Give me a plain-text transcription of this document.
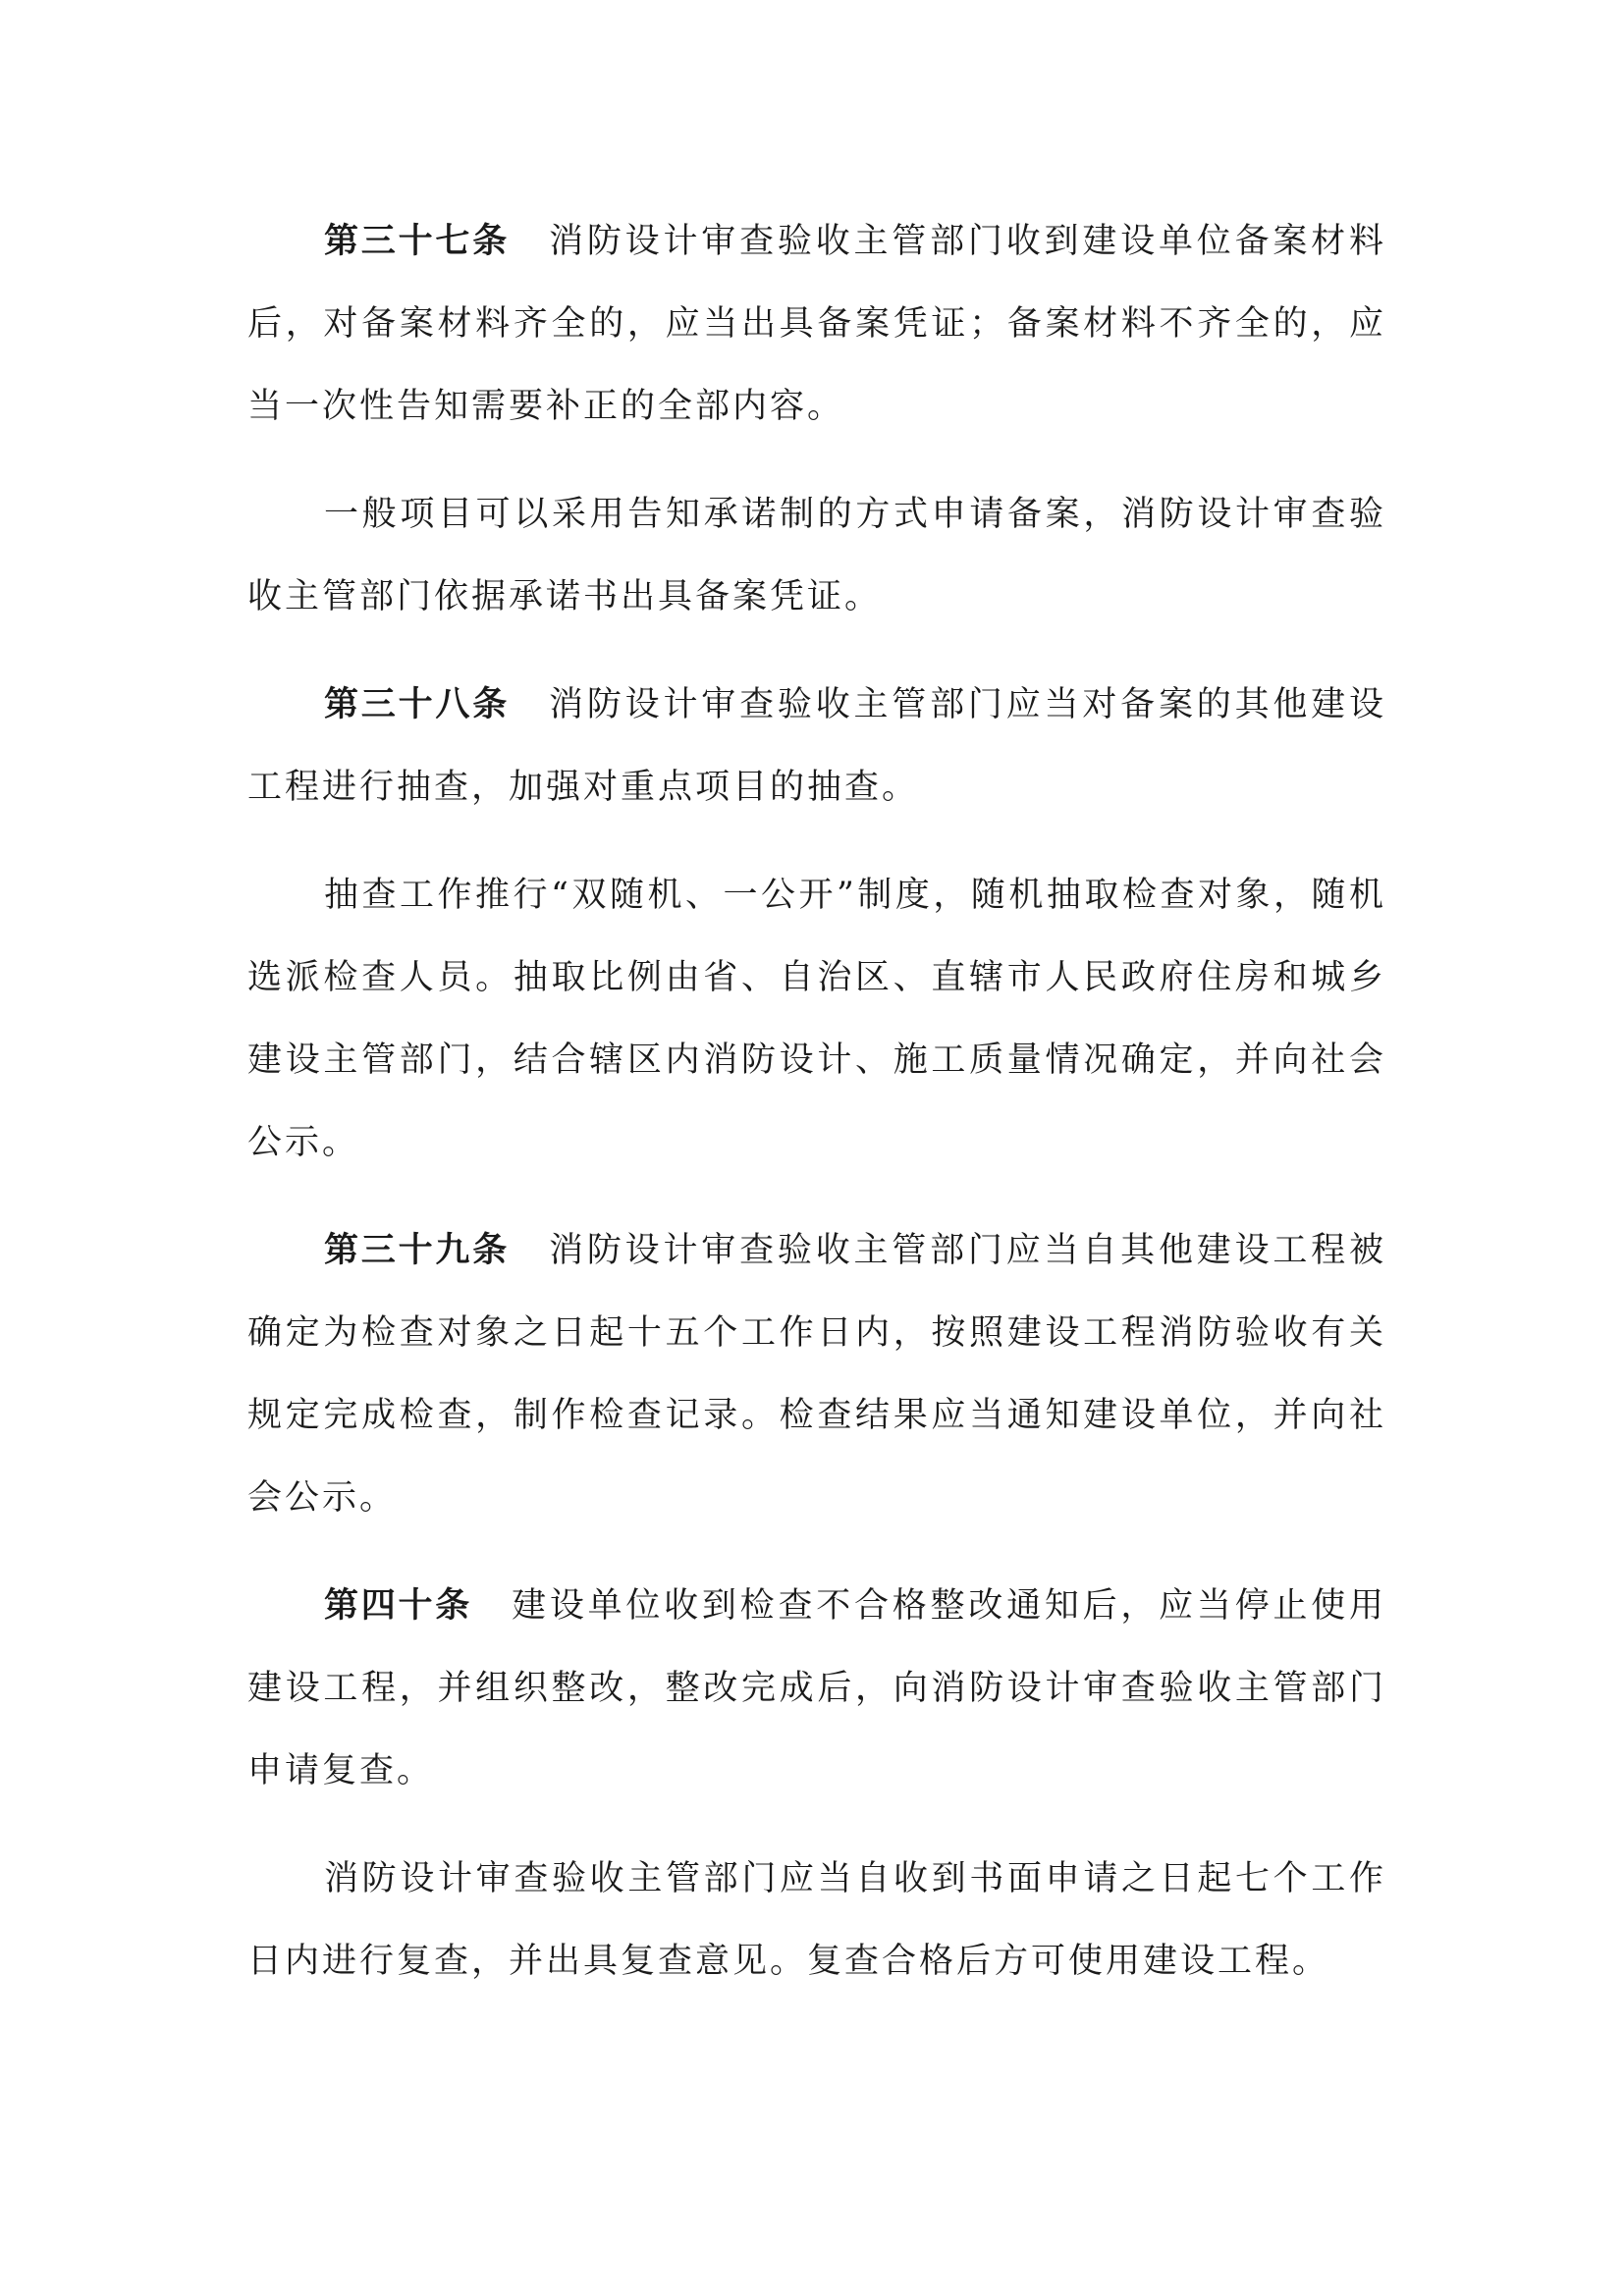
第三十七条 消防设计审查验收主管部门收到建设单位备案材料后，对备案材料齐全的，应当出具备案凭证；备案材料不齐全的，应当一次性告知需要补正的全部内容。

一般项目可以采用告知承诺制的方式申请备案，消防设计审查验收主管部门依据承诺书出具备案凭证。

第三十八条 消防设计审查验收主管部门应当对备案的其他建设工程进行抽查，加强对重点项目的抽查。

抽查工作推行“双随机、一公开”制度，随机抽取检查对象，随机选派检查人员。抽取比例由省、自治区、直辖市人民政府住房和城乡建设主管部门，结合辖区内消防设计、施工质量情况确定，并向社会公示。

第三十九条 消防设计审查验收主管部门应当自其他建设工程被确定为检查对象之日起十五个工作日内，按照建设工程消防验收有关规定完成检查，制作检查记录。检查结果应当通知建设单位，并向社会公示。

第四十条 建设单位收到检查不合格整改通知后，应当停止使用建设工程，并组织整改，整改完成后，向消防设计审查验收主管部门申请复查。

消防设计审查验收主管部门应当自收到书面申请之日起七个工作日内进行复查，并出具复查意见。复查合格后方可使用建设工程。
